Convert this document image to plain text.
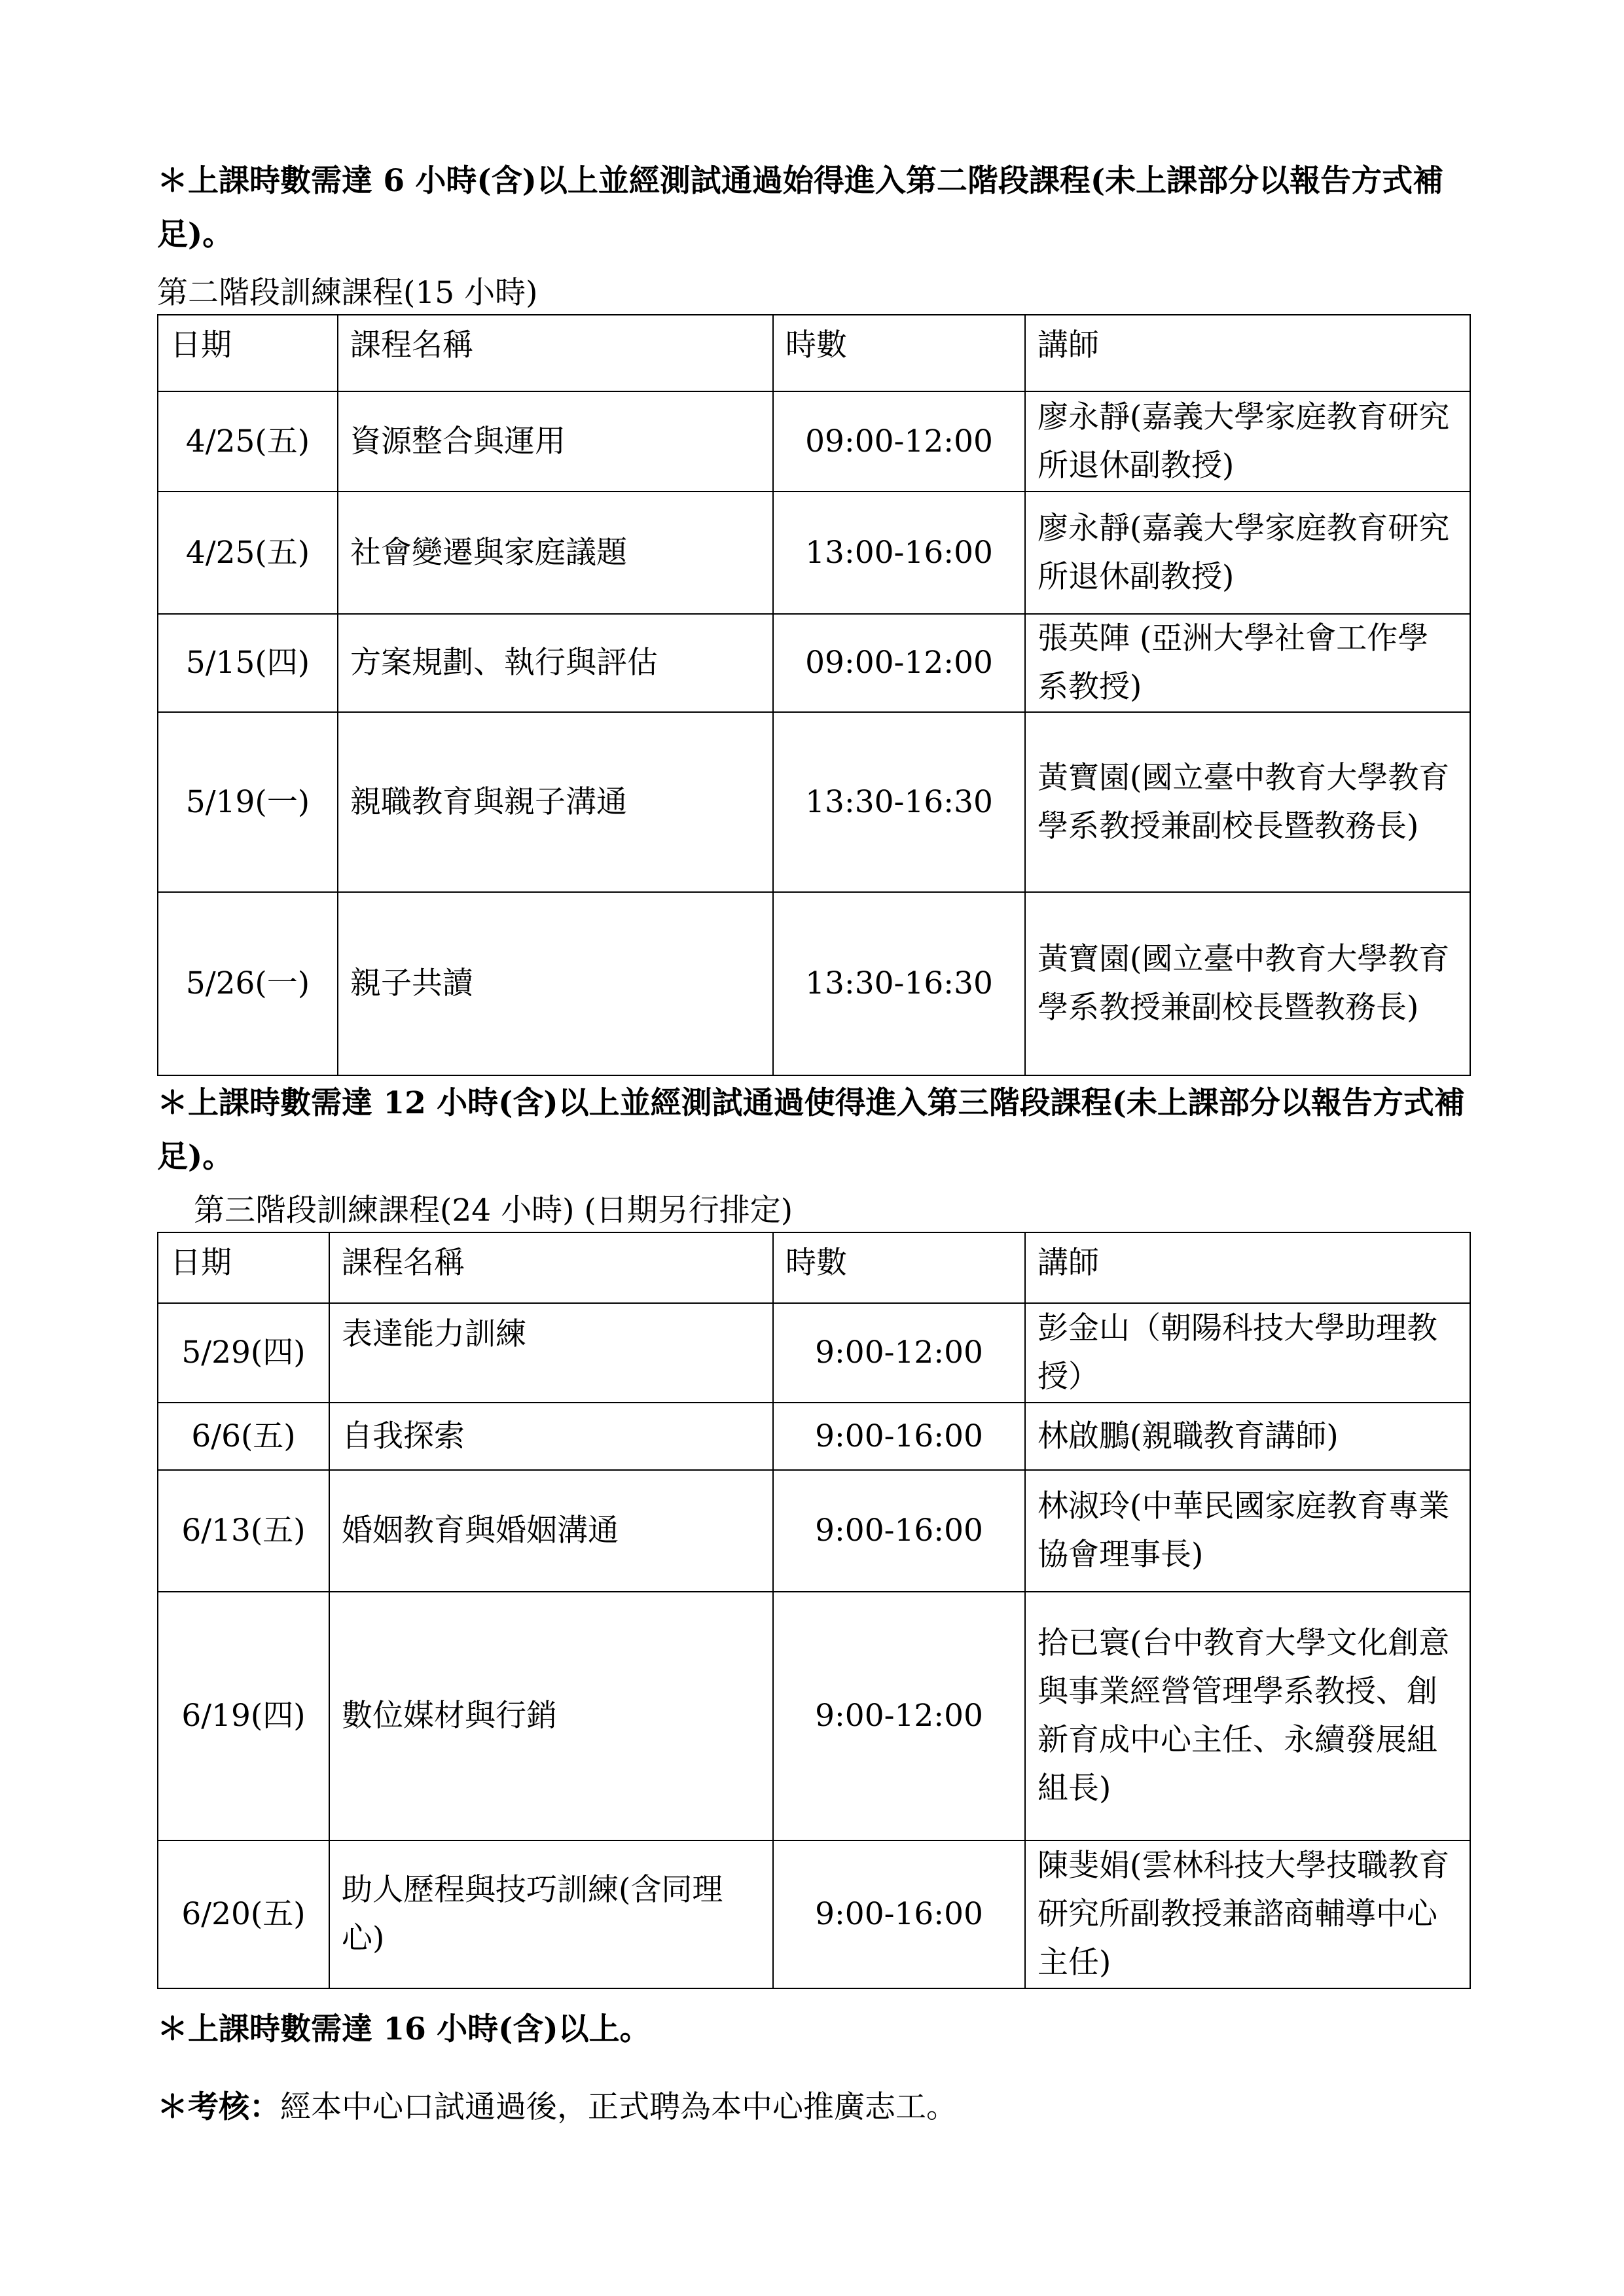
＊上課時數需達 6 小時(含)以上並經測試通過始得進入第二階段課程(未上課部分以報告方式補足)。
第二階段訓練課程(15 小時)
日期	課程名稱	時數	講師
4/25(五)	資源整合與運用	09:00-12:00	廖永靜(嘉義大學家庭教育研究所退休副教授)
4/25(五)	社會變遷與家庭議題	13:00-16:00	廖永靜(嘉義大學家庭教育研究所退休副教授)
5/15(四)	方案規劃、執行與評估	09:00-12:00	張英陣 (亞洲大學社會工作學系教授)
5/19(一)	親職教育與親子溝通	13:30-16:30	黃寶園(國立臺中教育大學教育學系教授兼副校長暨教務長)
5/26(一)	親子共讀	13:30-16:30	黃寶園(國立臺中教育大學教育學系教授兼副校長暨教務長)
＊上課時數需達 12 小時(含)以上並經測試通過使得進入第三階段課程(未上課部分以報告方式補足)。
第三階段訓練課程(24 小時) (日期另行排定)
日期	課程名稱	時數	講師
5/29(四)	表達能力訓練	9:00-12:00	彭金山（朝陽科技大學助理教授）
6/6(五)	自我探索	9:00-16:00	林啟鵬(親職教育講師)
6/13(五)	婚姻教育與婚姻溝通	9:00-16:00	林淑玲(中華民國家庭教育專業協會理事長)
6/19(四)	數位媒材與行銷	9:00-12:00	拾已寰(台中教育大學文化創意與事業經營管理學系教授、創新育成中心主任、永續發展組組長)
6/20(五)	助人歷程與技巧訓練(含同理心)	9:00-16:00	陳斐娟(雲林科技大學技職教育研究所副教授兼諮商輔導中心主任)
＊上課時數需達 16 小時(含)以上。
＊考核：經本中心口試通過後，正式聘為本中心推廣志工。
